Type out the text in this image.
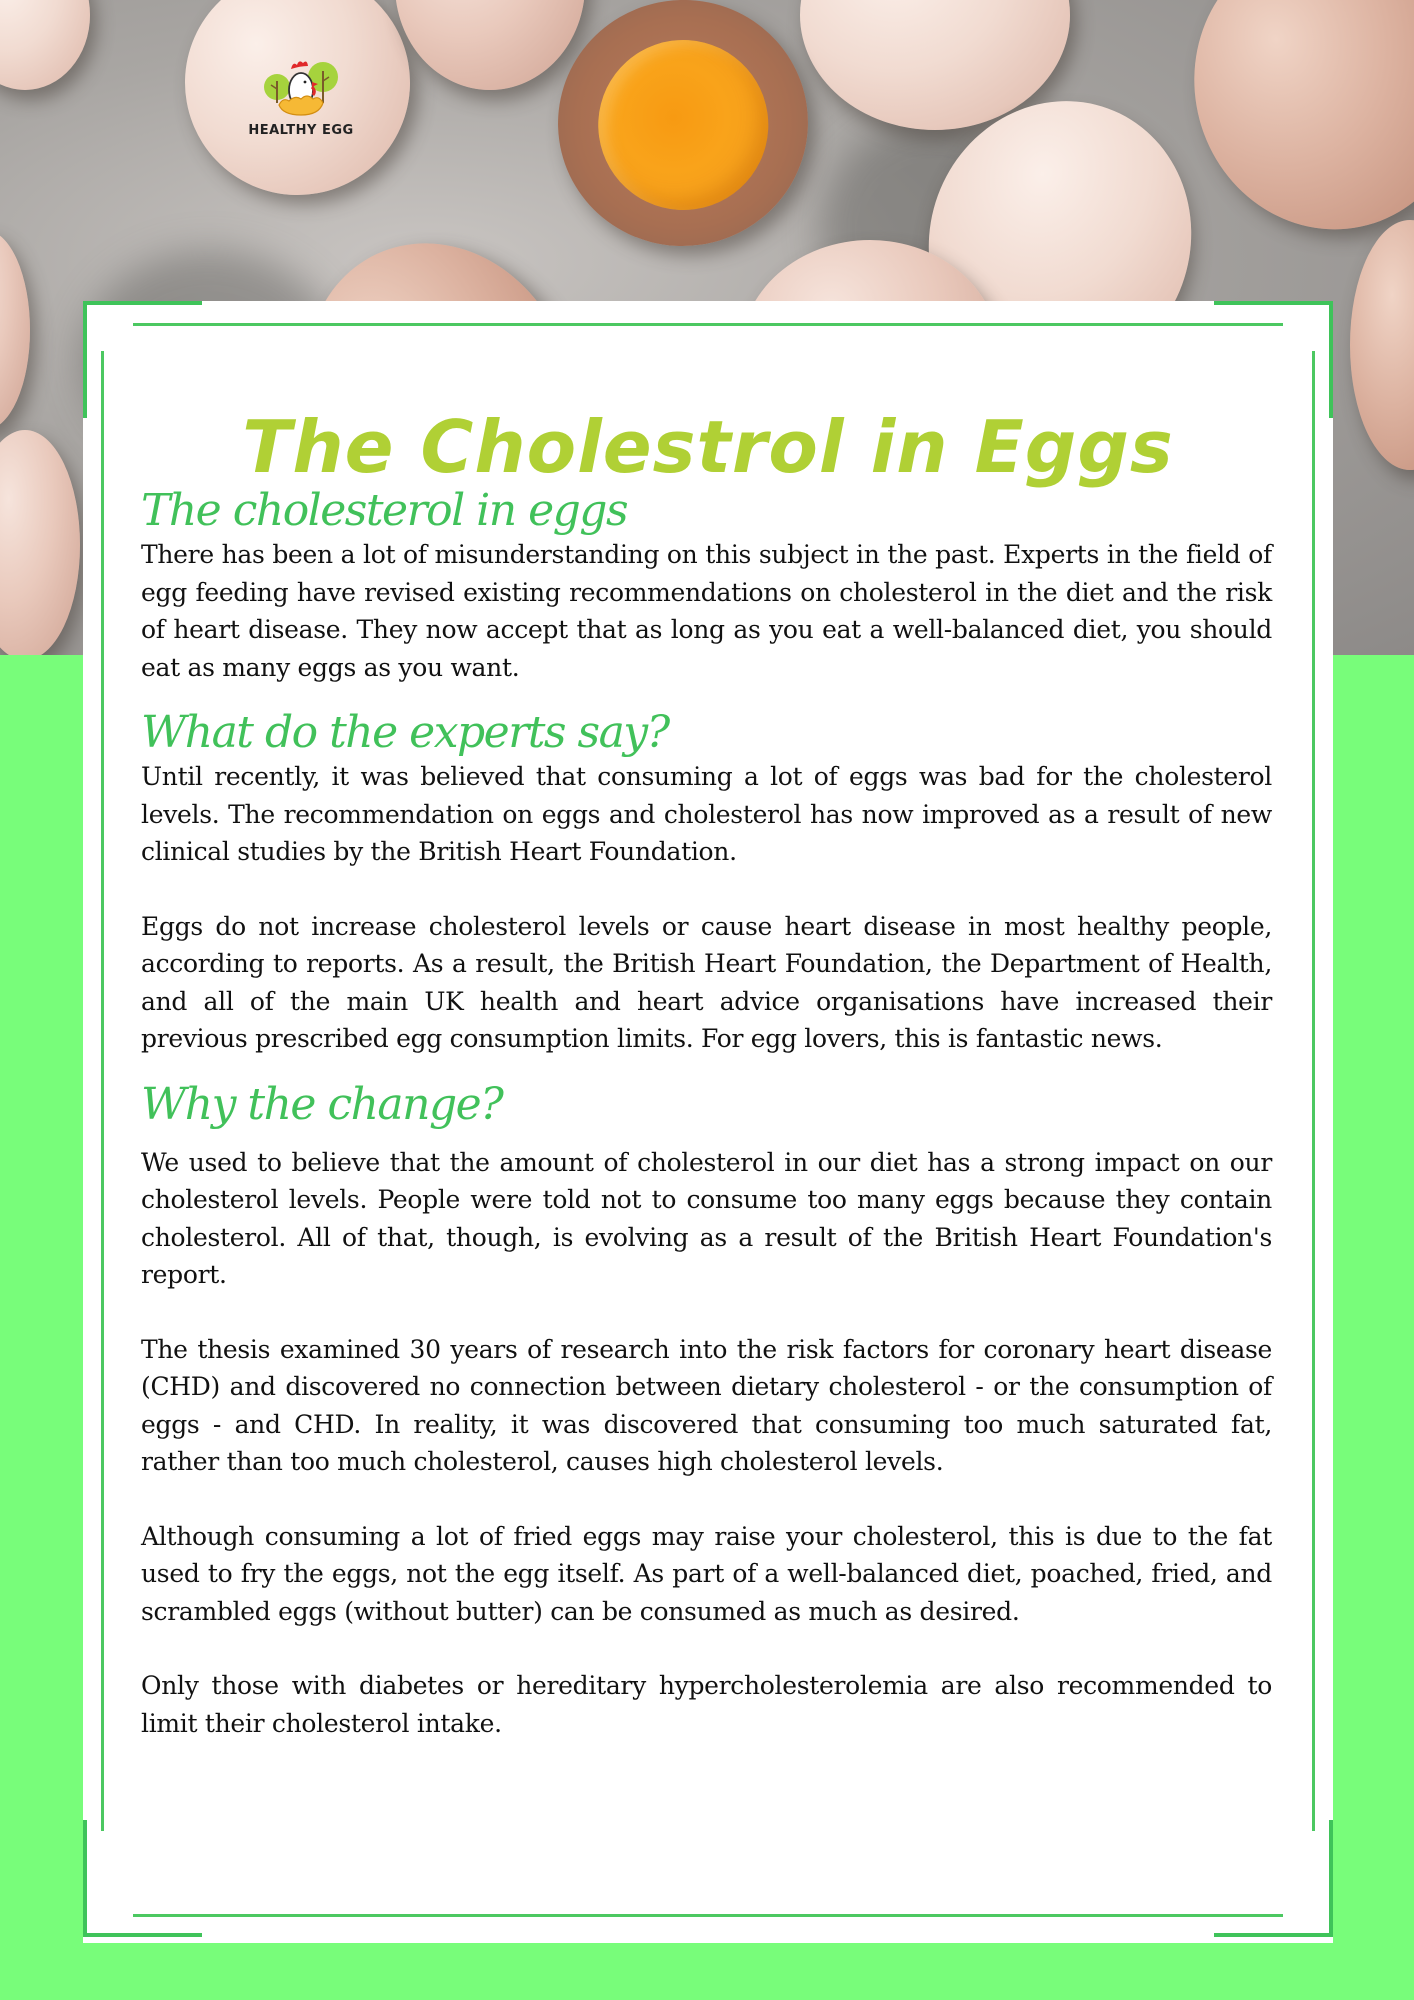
HEALTHY EGG
The Cholestrol in Eggs
The cholesterol in eggs

There has been a lot of misunderstanding on this subject in the past. Experts in the field of egg feeding have revised existing recommendations on cholesterol in the diet and the risk of heart disease. They now accept that as long as you eat a well-balanced diet, you should eat as many eggs as you want.

What do the experts say?

Until recently, it was believed that consuming a lot of eggs was bad for the cholesterol levels. The recommendation on eggs and cholesterol has now improved as a result of new clinical studies by the British Heart Foundation.

Eggs do not increase cholesterol levels or cause heart disease in most healthy people, according to reports. As a result, the British Heart Foundation, the Department of Health, and all of the main UK health and heart advice organisations have increased their previous prescribed egg consumption limits. For egg lovers, this is fantastic news.

Why the change?

We used to believe that the amount of cholesterol in our diet has a strong impact on our cholesterol levels. People were told not to consume too many eggs because they contain cholesterol. All of that, though, is evolving as a result of the British Heart Foundation's report.

The thesis examined 30 years of research into the risk factors for coronary heart disease (CHD) and discovered no connection between dietary cholesterol - or the consumption of eggs - and CHD. In reality, it was discovered that consuming too much saturated fat, rather than too much cholesterol, causes high cholesterol levels.

Although consuming a lot of fried eggs may raise your cholesterol, this is due to the fat used to fry the eggs, not the egg itself. As part of a well-balanced diet, poached, fried, and scrambled eggs (without butter) can be consumed as much as desired.

Only those with diabetes or hereditary hypercholesterolemia are also recommended to limit their cholesterol intake.
